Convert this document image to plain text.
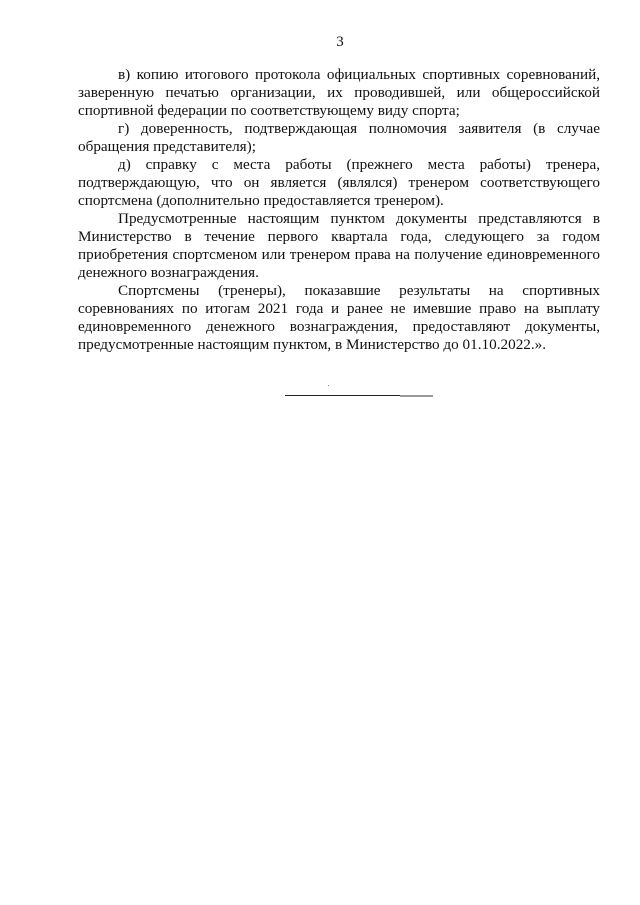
3
в) копию итогового протокола официальных спортивных соревнований,
заверенную печатью организации, их проводившей, или общероссийской
спортивной федерации по соответствующему виду спорта;
г) доверенность, подтверждающая полномочия заявителя (в случае
обращения представителя);
д) справку с места работы (прежнего места работы) тренера,
подтверждающую, что он является (являлся) тренером соответствующего
спортсмена (дополнительно предоставляется тренером).
Предусмотренные настоящим пунктом документы представляются в
Министерство в течение первого квартала года, следующего за годом
приобретения спортсменом или тренером права на получение единовременного
денежного вознаграждения.
Спортсмены (тренеры), показавшие результаты на спортивных
соревнованиях по итогам 2021 года и ранее не имевшие право на выплату
единовременного денежного вознаграждения, предоставляют документы,
предусмотренные настоящим пунктом, в Министерство до 01.10.2022.».
